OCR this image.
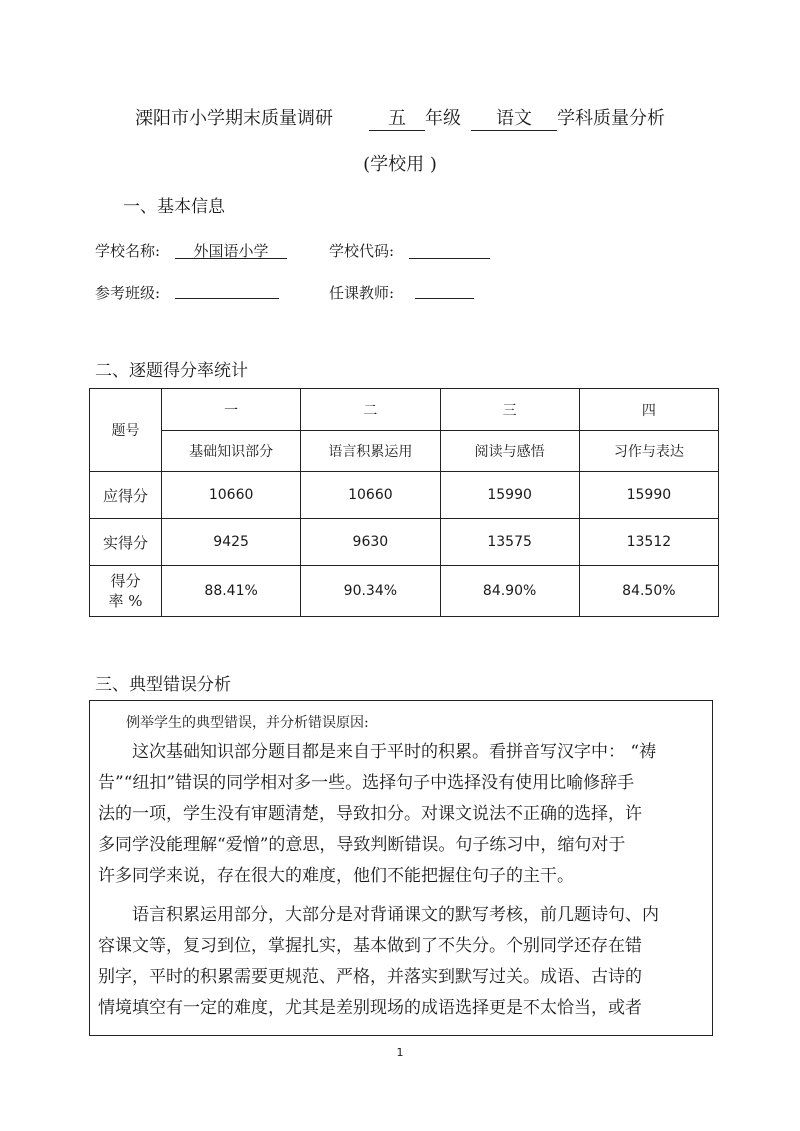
溧阳市小学期末质量调研	五 年级 语文 学科质量分析
(学校用 )
一、基本信息
学校名称:	外国语小学	学校代码:
参考班级:	任课教师:
二、逐题得分率统计
题号	一	二	三	四
	基础知识部分	语言积累运用	阅读与感悟	习作与表达
应得分	10660	10660	15990	15990
实得分	9425	9630	13575	13512

得分
率 %	88.41%	90.34%	84.90%	84.50%
三、典型错误分析
例举学生的典型错误，并分析错误原因:
这次基础知识部分题目都是来自于平时的积累。看拼音写汉字中： “祷
告”“纽扣”错误的同学相对多一些。选择句子中选择没有使用比喻修辞手
法的一项，学生没有审题清楚，导致扣分。对课文说法不正确的选择，许
多同学没能理解“爱憎”的意思，导致判断错误。句子练习中，缩句对于
许多同学来说，存在很大的难度，他们不能把握住句子的主干。
语言积累运用部分，大部分是对背诵课文的默写考核，前几题诗句、内
容课文等，复习到位，掌握扎实，基本做到了不失分。个别同学还存在错
别字，平时的积累需要更规范、严格，并落实到默写过关。成语、古诗的
情境填空有一定的难度，尤其是差别现场的成语选择更是不太恰当，或者
1
